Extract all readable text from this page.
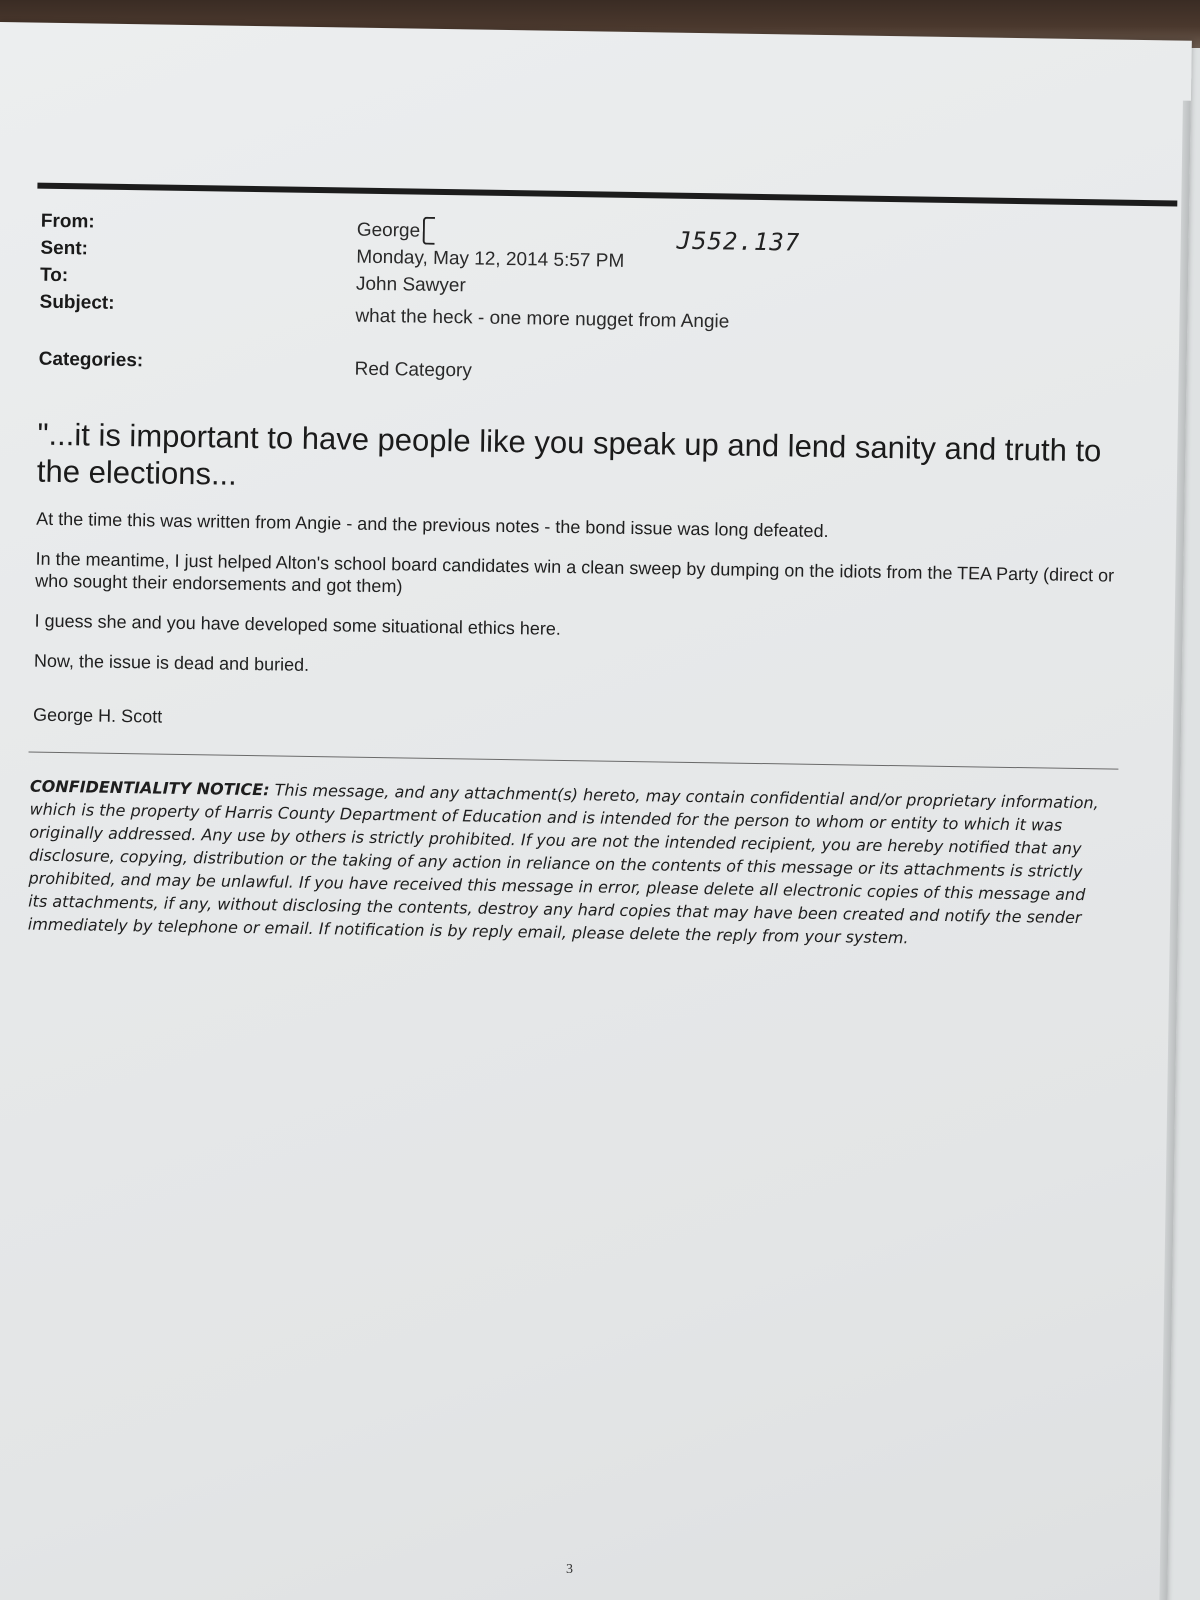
From:	George	J552.137
Sent:	Monday, May 12, 2014 5:57 PM
To:	John Sawyer
Subject:
what the heck - one more nugget from Angie
Categories:	Red Category
"...it is important to have people like you speak up and lend sanity and truth to the elections...
At the time this was written from Angie - and the previous notes - the bond issue was long defeated.
In the meantime, I just helped Alton's school board candidates win a clean sweep by dumping on the idiots from the TEA Party (direct or who sought their endorsements and got them)
I guess she and you have developed some situational ethics here.
Now, the issue is dead and buried.
George H. Scott
CONFIDENTIALITY NOTICE: This message, and any attachment(s) hereto, may contain confidential and/or proprietary information, which is the property of Harris County Department of Education and is intended for the person to whom or entity to which it was originally addressed. Any use by others is strictly prohibited. If you are not the intended recipient, you are hereby notified that any disclosure, copying, distribution or the taking of any action in reliance on the contents of this message or its attachments is strictly prohibited, and may be unlawful. If you have received this message in error, please delete all electronic copies of this message and its attachments, if any, without disclosing the contents, destroy any hard copies that may have been created and notify the sender immediately by telephone or email. If notification is by reply email, please delete the reply from your system.
3
